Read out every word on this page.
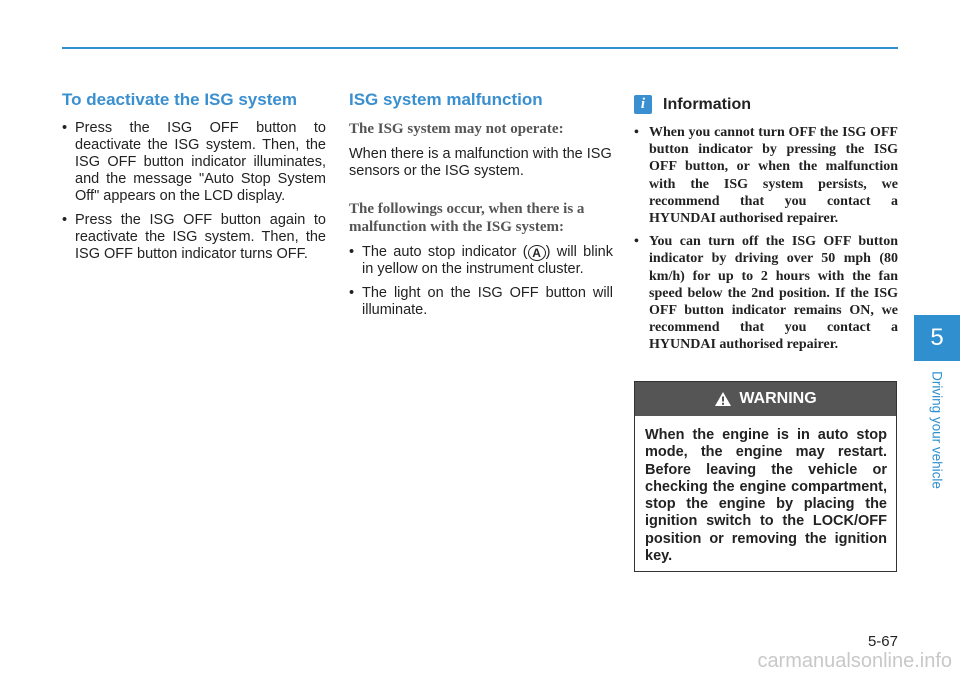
To deactivate the ISG system
• Press the ISG OFF button to deactivate the ISG system. Then, the ISG OFF button indicator illuminates, and the message "Auto Stop System Off" appears on the LCD display.
• Press the ISG OFF button again to reactivate the ISG system. Then, the ISG OFF button indicator turns OFF.
ISG system malfunction
The ISG system may not operate:
When there is a malfunction with the ISG sensors or the ISG system.
The followings occur, when there is a malfunction with the ISG system:
• The auto stop indicator ( A ) will blink in yellow on the instrument cluster.
• The light on the ISG OFF button will illuminate.
i	Information
• When you cannot turn OFF the ISG OFF button indicator by pressing the ISG OFF button, or when the malfunction with the ISG system persists, we recommend that you contact a HYUNDAI authorised repairer.
• You can turn off the ISG OFF button indicator by driving over 50 mph (80 km/h) for up to 2 hours with the fan speed below the 2nd position. If the ISG OFF button indicator remains ON, we recommend that you contact a HYUNDAI authorised repairer.
WARNING
When the engine is in auto stop mode, the engine may restart. Before leaving the vehicle or checking the engine compartment, stop the engine by placing the ignition switch to the LOCK/OFF position or removing the ignition key.
5
Driving your vehicle
5-67
carmanualsonline.info
